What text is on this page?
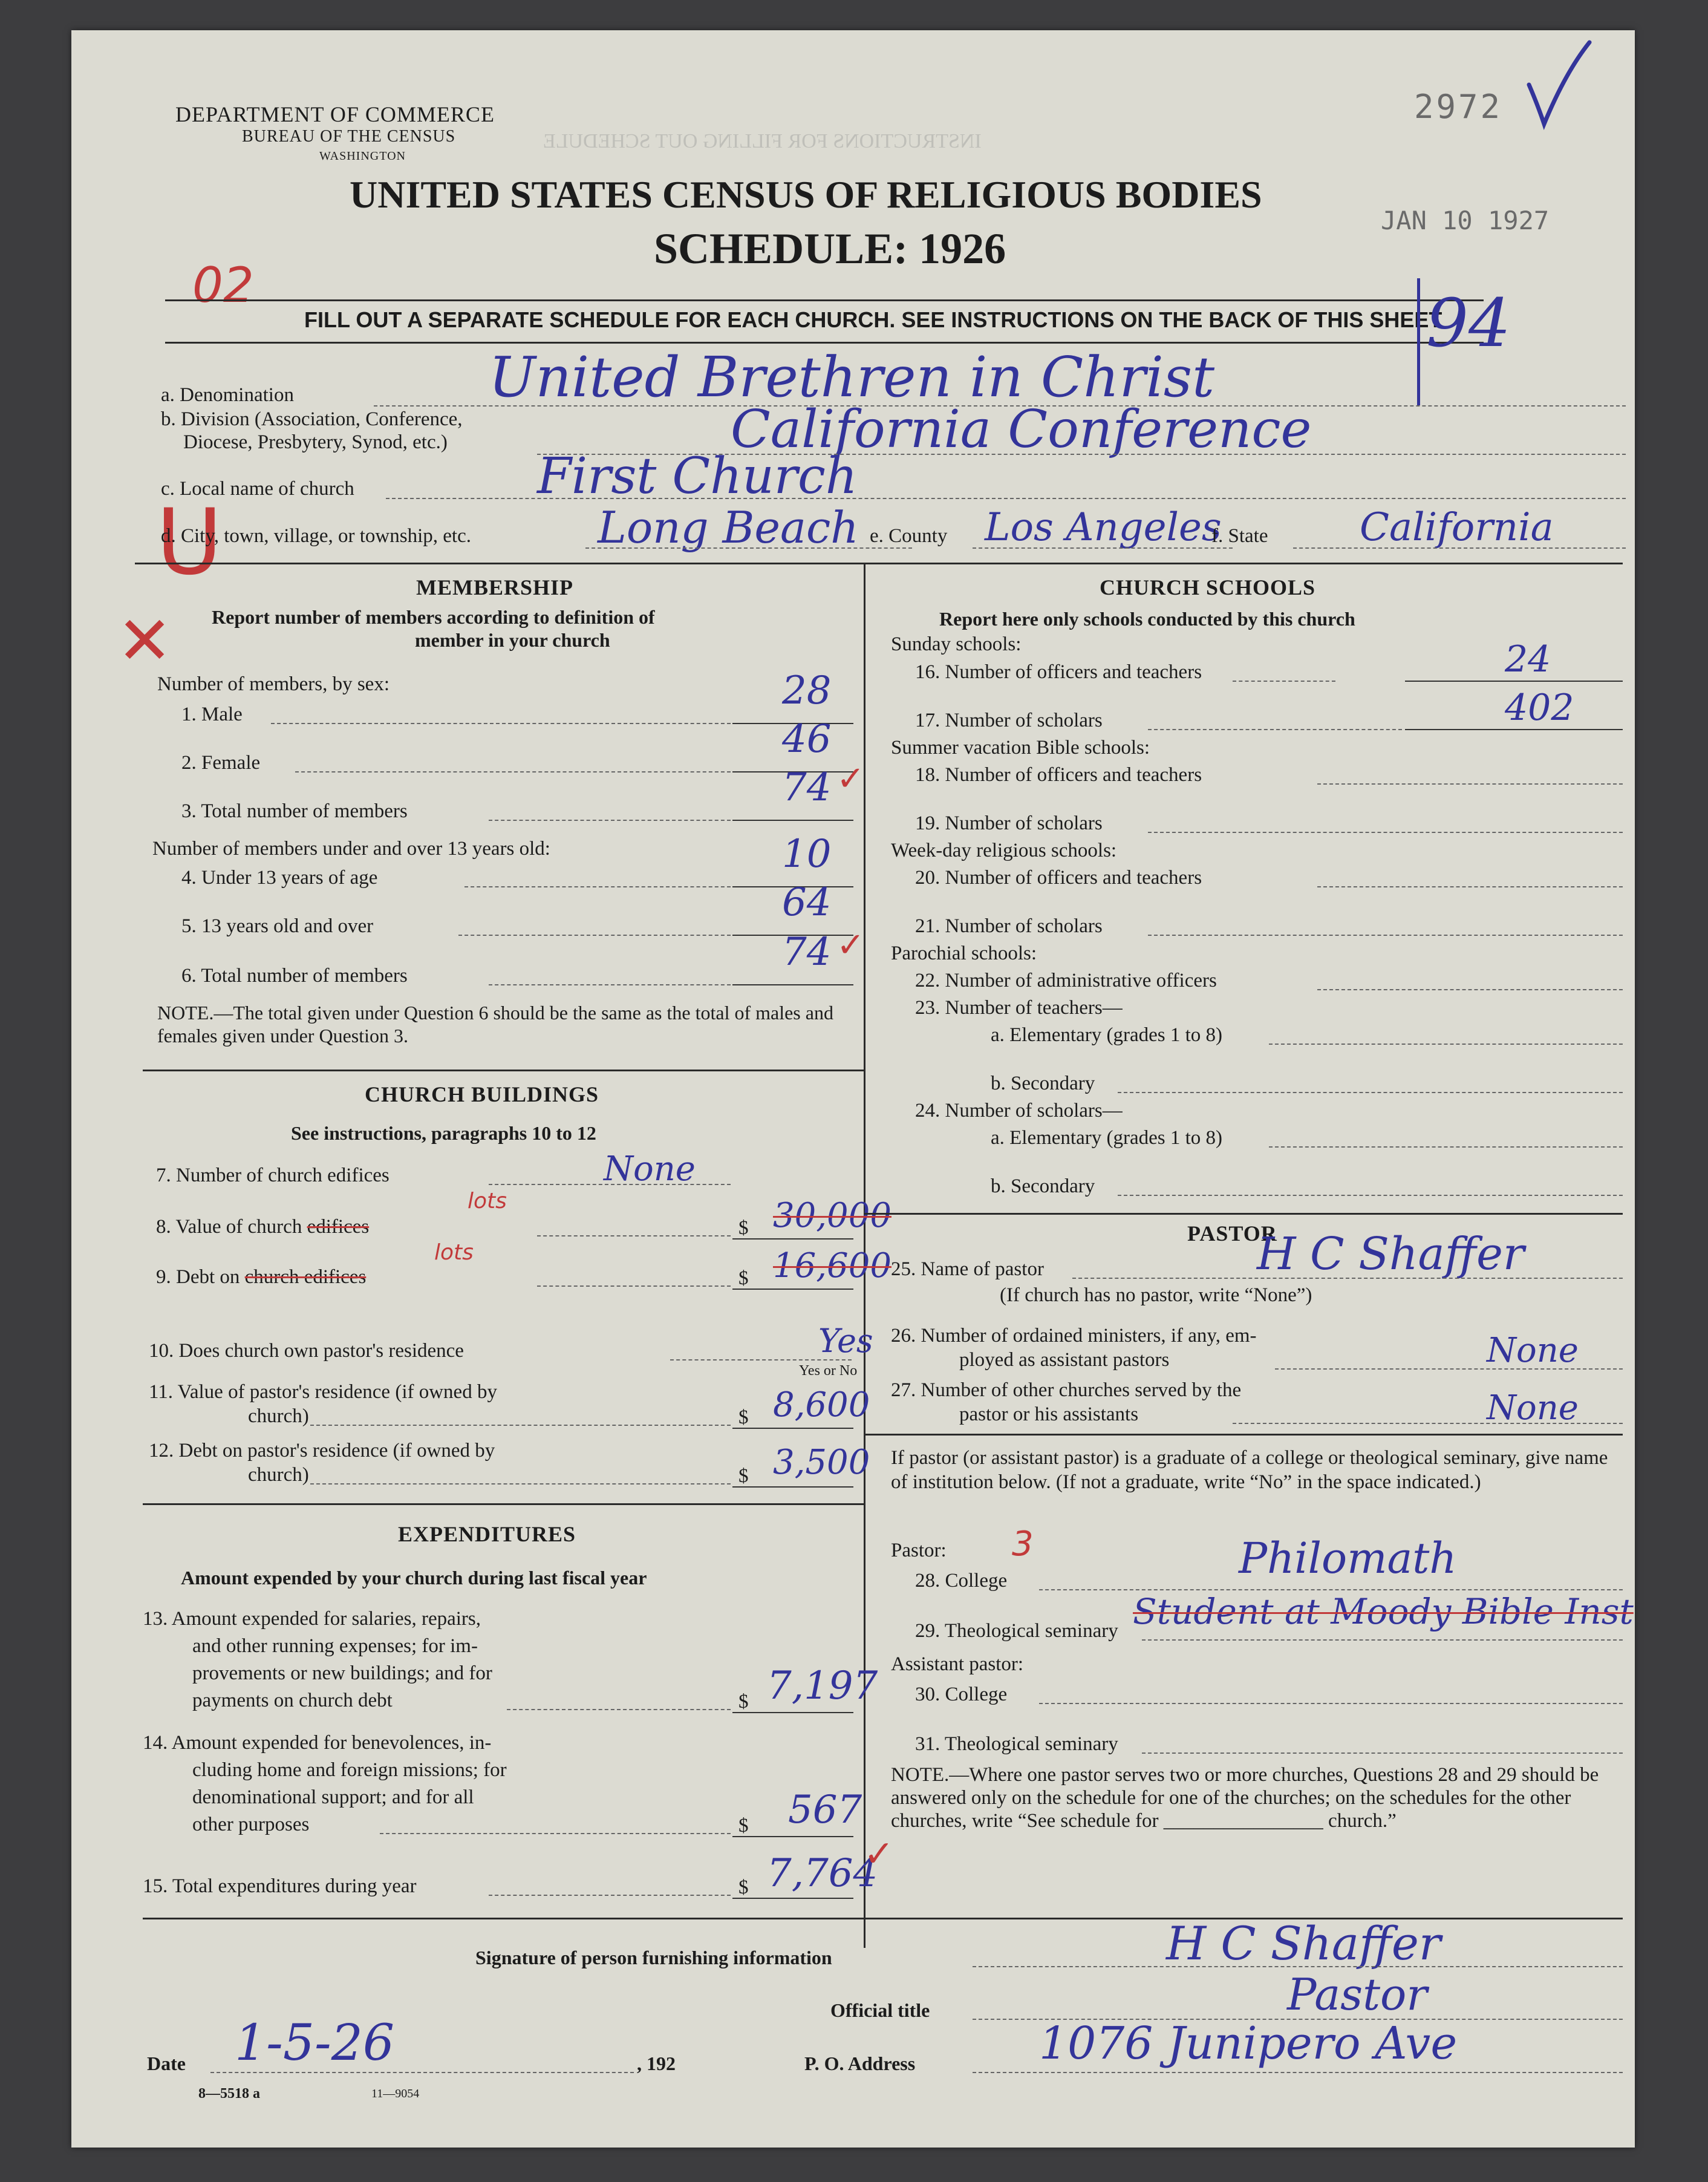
INSTRUCTIONS FOR FILLING OUT SCHEDULE
DEPARTMENT OF COMMERCE
BUREAU OF THE CENSUS
WASHINGTON
2972
UNITED STATES CENSUS OF RELIGIOUS BODIES
JAN 10 1927
SCHEDULE: 1926
02
FILL OUT A SEPARATE SCHEDULE FOR EACH CHURCH. SEE INSTRUCTIONS ON THE BACK OF THIS SHEET
94
a. Denomination	United Brethren in Christ
b. Division (Association, Conference,
Diocese, Presbytery, Synod, etc.)	California Conference
c. Local name of church	First Church
U
d. City, town, village, or township, etc.	Long Beach e. County Los Angeles
f. State California
MEMBERSHIP
Report number of members according to definition of
member in your church
✕
Number of members, by sex:
1. Male
28
2. Female
46
3. Total number of members
74 ✓
Number of members under and over 13 years old:
4. Under 13 years of age
10
5. 13 years old and over
64
6. Total number of members
74 ✓
NOTE.—The total given under Question 6 should be the same as the total of males and females given under Question 3.
CHURCH BUILDINGS
See instructions, paragraphs 10 to 12
7. Number of church edifices	None
8. Value of church edifices
lots
$ 30,000
9. Debt on church edifices
lots
$ 16,600
10. Does church own pastor's residence	Yes
Yes or No
11. Value of pastor's residence (if owned by
church)	$ 8,600
12. Debt on pastor's residence (if owned by
church)	$ 3,500
EXPENDITURES
Amount expended by your church during last fiscal year
13. Amount expended for salaries, repairs,
and other running expenses; for im-
provements or new buildings; and for
payments on church debt	$ 7,197
14. Amount expended for benevolences, in-
cluding home and foreign missions; for
denominational support; and for all
other purposes	$ 567
15. Total expenditures during year	$ 7,764
✓
CHURCH SCHOOLS
Report here only schools conducted by this church
Sunday schools:
16. Number of officers and teachers	24
17. Number of scholars	402
Summer vacation Bible schools:
18. Number of officers and teachers
19. Number of scholars
Week-day religious schools:
20. Number of officers and teachers
21. Number of scholars
Parochial schools:
22. Number of administrative officers
23. Number of teachers—
a. Elementary (grades 1 to 8)
b. Secondary
24. Number of scholars—
a. Elementary (grades 1 to 8)
b. Secondary
PASTOR
25. Name of pastor	H C Shaffer
(If church has no pastor, write “None”)
26. Number of ordained ministers, if any, em-
ployed as assistant pastors	None
27. Number of other churches served by the
pastor or his assistants	None
If pastor (or assistant pastor) is a graduate of a college or theological seminary, give name of institution below. (If not a graduate, write “No” in the space indicated.)
Pastor: 3
28. College	Philomath
29. Theological seminary Student at Moody Bible Inst
Assistant pastor:
30. College
31. Theological seminary
NOTE.—Where one pastor serves two or more churches, Questions 28 and 29 should be answered only on the schedule for one of the churches; on the schedules for the other churches, write “See schedule for ________________ church.”
Signature of person furnishing information	H C Shaffer
Official title	Pastor
Date 1-5-26	, 192	P. O. Address	1076 Junipero Ave
8—5518 a	11—9054
